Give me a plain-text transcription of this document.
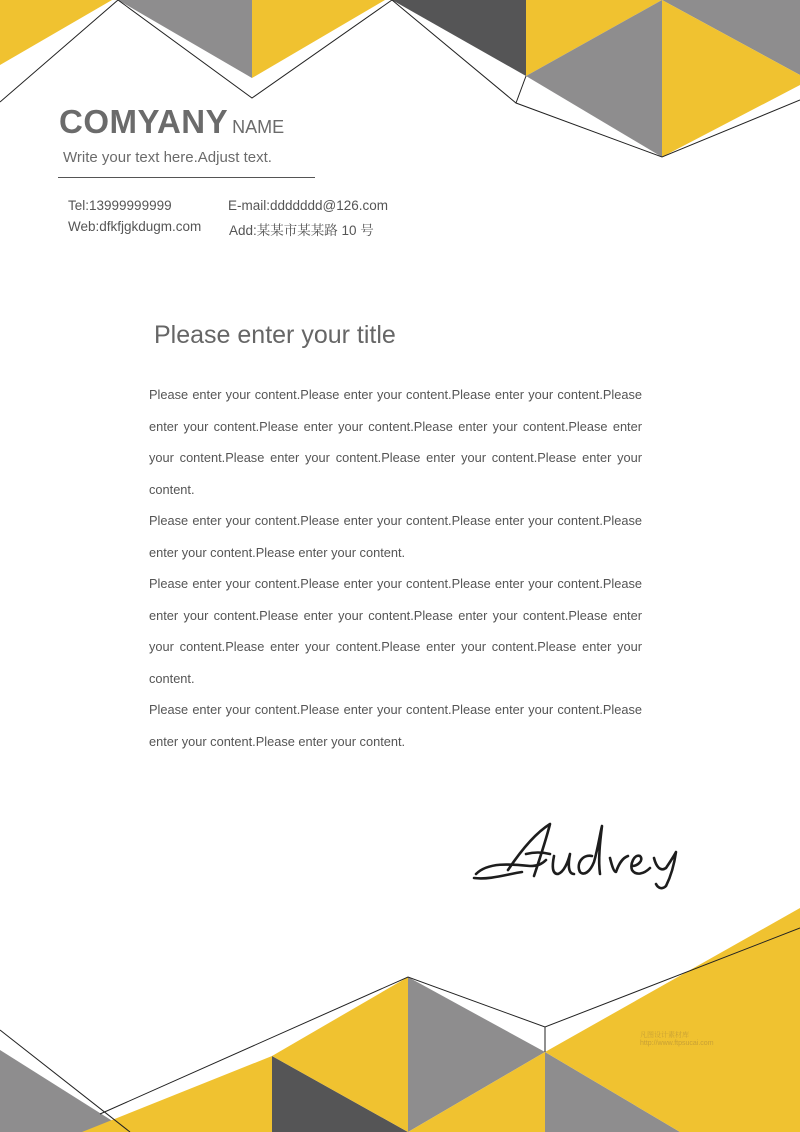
COMYANY NAME
Write your text here.Adjust text.
Tel:13999999999
Web:dfkfjgkdugm.com
E-mail:ddddddd@126.com
Add:某某市某某路 10 号
Please enter your title

Please enter your content.Please enter your content.Please enter your content.Please enter your content.Please enter your content.Please enter your content.Please enter your content.Please enter your content.Please enter your content.Please enter your content.

Please enter your content.Please enter your content.Please enter your content.Please enter your content.Please enter your content.

Please enter your content.Please enter your content.Please enter your content.Please enter your content.Please enter your content.Please enter your content.Please enter your content.Please enter your content.Please enter your content.Please enter your content.

Please enter your content.Please enter your content.Please enter your content.Please enter your content.Please enter your content.

凡图设计素材库
http://www.ftpsucai.com
